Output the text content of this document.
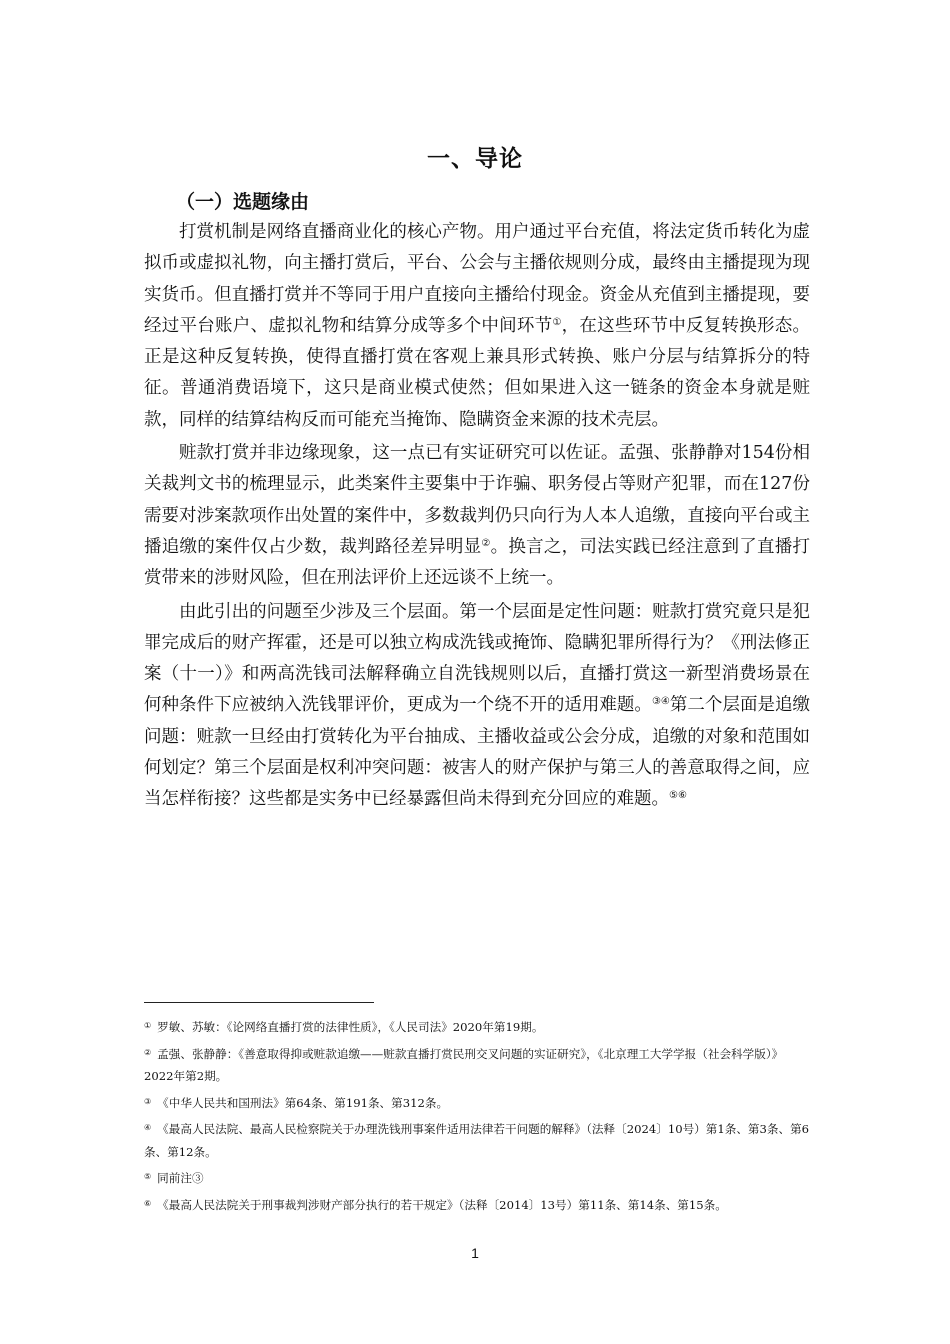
一、导论
（一）选题缘由

打赏机制是网络直播商业化的核心产物。用户通过平台充值，将法定货币转化为虚拟币或虚拟礼物，向主播打赏后，平台、公会与主播依规则分成，最终由主播提现为现实货币。但直播打赏并不等同于用户直接向主播给付现金。资金从充值到主播提现，要经过平台账户、虚拟礼物和结算分成等多个中间环节①，在这些环节中反复转换形态。正是这种反复转换，使得直播打赏在客观上兼具形式转换、账户分层与结算拆分的特征。普通消费语境下，这只是商业模式使然；但如果进入这一链条的资金本身就是赃款，同样的结算结构反而可能充当掩饰、隐瞒资金来源的技术壳层。

赃款打赏并非边缘现象，这一点已有实证研究可以佐证。孟强、张静静对154份相关裁判文书的梳理显示，此类案件主要集中于诈骗、职务侵占等财产犯罪，而在127份需要对涉案款项作出处置的案件中，多数裁判仍只向行为人本人追缴，直接向平台或主播追缴的案件仅占少数，裁判路径差异明显②。换言之，司法实践已经注意到了直播打赏带来的涉财风险，但在刑法评价上还远谈不上统一。

由此引出的问题至少涉及三个层面。第一个层面是定性问题：赃款打赏究竟只是犯罪完成后的财产挥霍，还是可以独立构成洗钱或掩饰、隐瞒犯罪所得行为？《刑法修正案（十一）》和两高洗钱司法解释确立自洗钱规则以后，直播打赏这一新型消费场景在何种条件下应被纳入洗钱罪评价，更成为一个绕不开的适用难题。③④第二个层面是追缴问题：赃款一旦经由打赏转化为平台抽成、主播收益或公会分成，追缴的对象和范围如何划定？第三个层面是权利冲突问题：被害人的财产保护与第三人的善意取得之间，应当怎样衔接？这些都是实务中已经暴露但尚未得到充分回应的难题。⑤⑥

① 罗敏、苏敏：《论网络直播打赏的法律性质》，《人民司法》2020年第19期。
② 孟强、张静静：《善意取得抑或赃款追缴——赃款直播打赏民刑交叉问题的实证研究》，《北京理工大学学报（社会科学版）》2022年第2期。
③ 《中华人民共和国刑法》第64条、第191条、第312条。
④ 《最高人民法院、最高人民检察院关于办理洗钱刑事案件适用法律若干问题的解释》（法释〔2024〕10号）第1条、第3条、第6条、第12条。
⑤ 同前注③
⑥ 《最高人民法院关于刑事裁判涉财产部分执行的若干规定》（法释〔2014〕13号）第11条、第14条、第15条。
1
